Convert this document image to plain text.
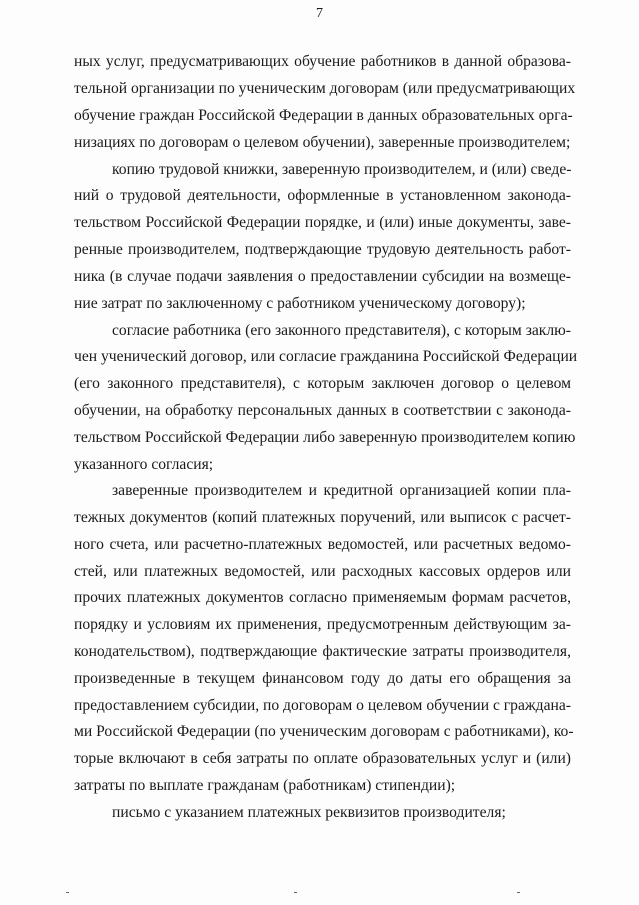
7
ных услуг, предусматривающих обучение работников в данной образова-
тельной организации по ученическим договорам (или предусматривающих
обучение граждан Российской Федерации в данных образовательных орга-
низациях по договорам о целевом обучении), заверенные производителем;
копию трудовой книжки, заверенную производителем, и (или) сведе-
ний о трудовой деятельности, оформленные в установленном законода-
тельством Российской Федерации порядке, и (или) иные документы, заве-
ренные производителем, подтверждающие трудовую деятельность работ-
ника (в случае подачи заявления о предоставлении субсидии на возмеще-
ние затрат по заключенному с работником ученическому договору);
согласие работника (его законного представителя), с которым заклю-
чен ученический договор, или согласие гражданина Российской Федерации
(его законного представителя), с которым заключен договор о целевом
обучении, на обработку персональных данных в соответствии с законода-
тельством Российской Федерации либо заверенную производителем копию
указанного согласия;
заверенные производителем и кредитной организацией копии пла-
тежных документов (копий платежных поручений, или выписок с расчет-
ного счета, или расчетно-платежных ведомостей, или расчетных ведомо-
стей, или платежных ведомостей, или расходных кассовых ордеров или
прочих платежных документов согласно применяемым формам расчетов,
порядку и условиям их применения, предусмотренным действующим за-
конодательством), подтверждающие фактические затраты производителя,
произведенные в текущем финансовом году до даты его обращения за
предоставлением субсидии, по договорам о целевом обучении с граждана-
ми Российской Федерации (по ученическим договорам с работниками), ко-
торые включают в себя затраты по оплате образовательных услуг и (или)
затраты по выплате гражданам (работникам) стипендии);
письмо с указанием платежных реквизитов производителя;
